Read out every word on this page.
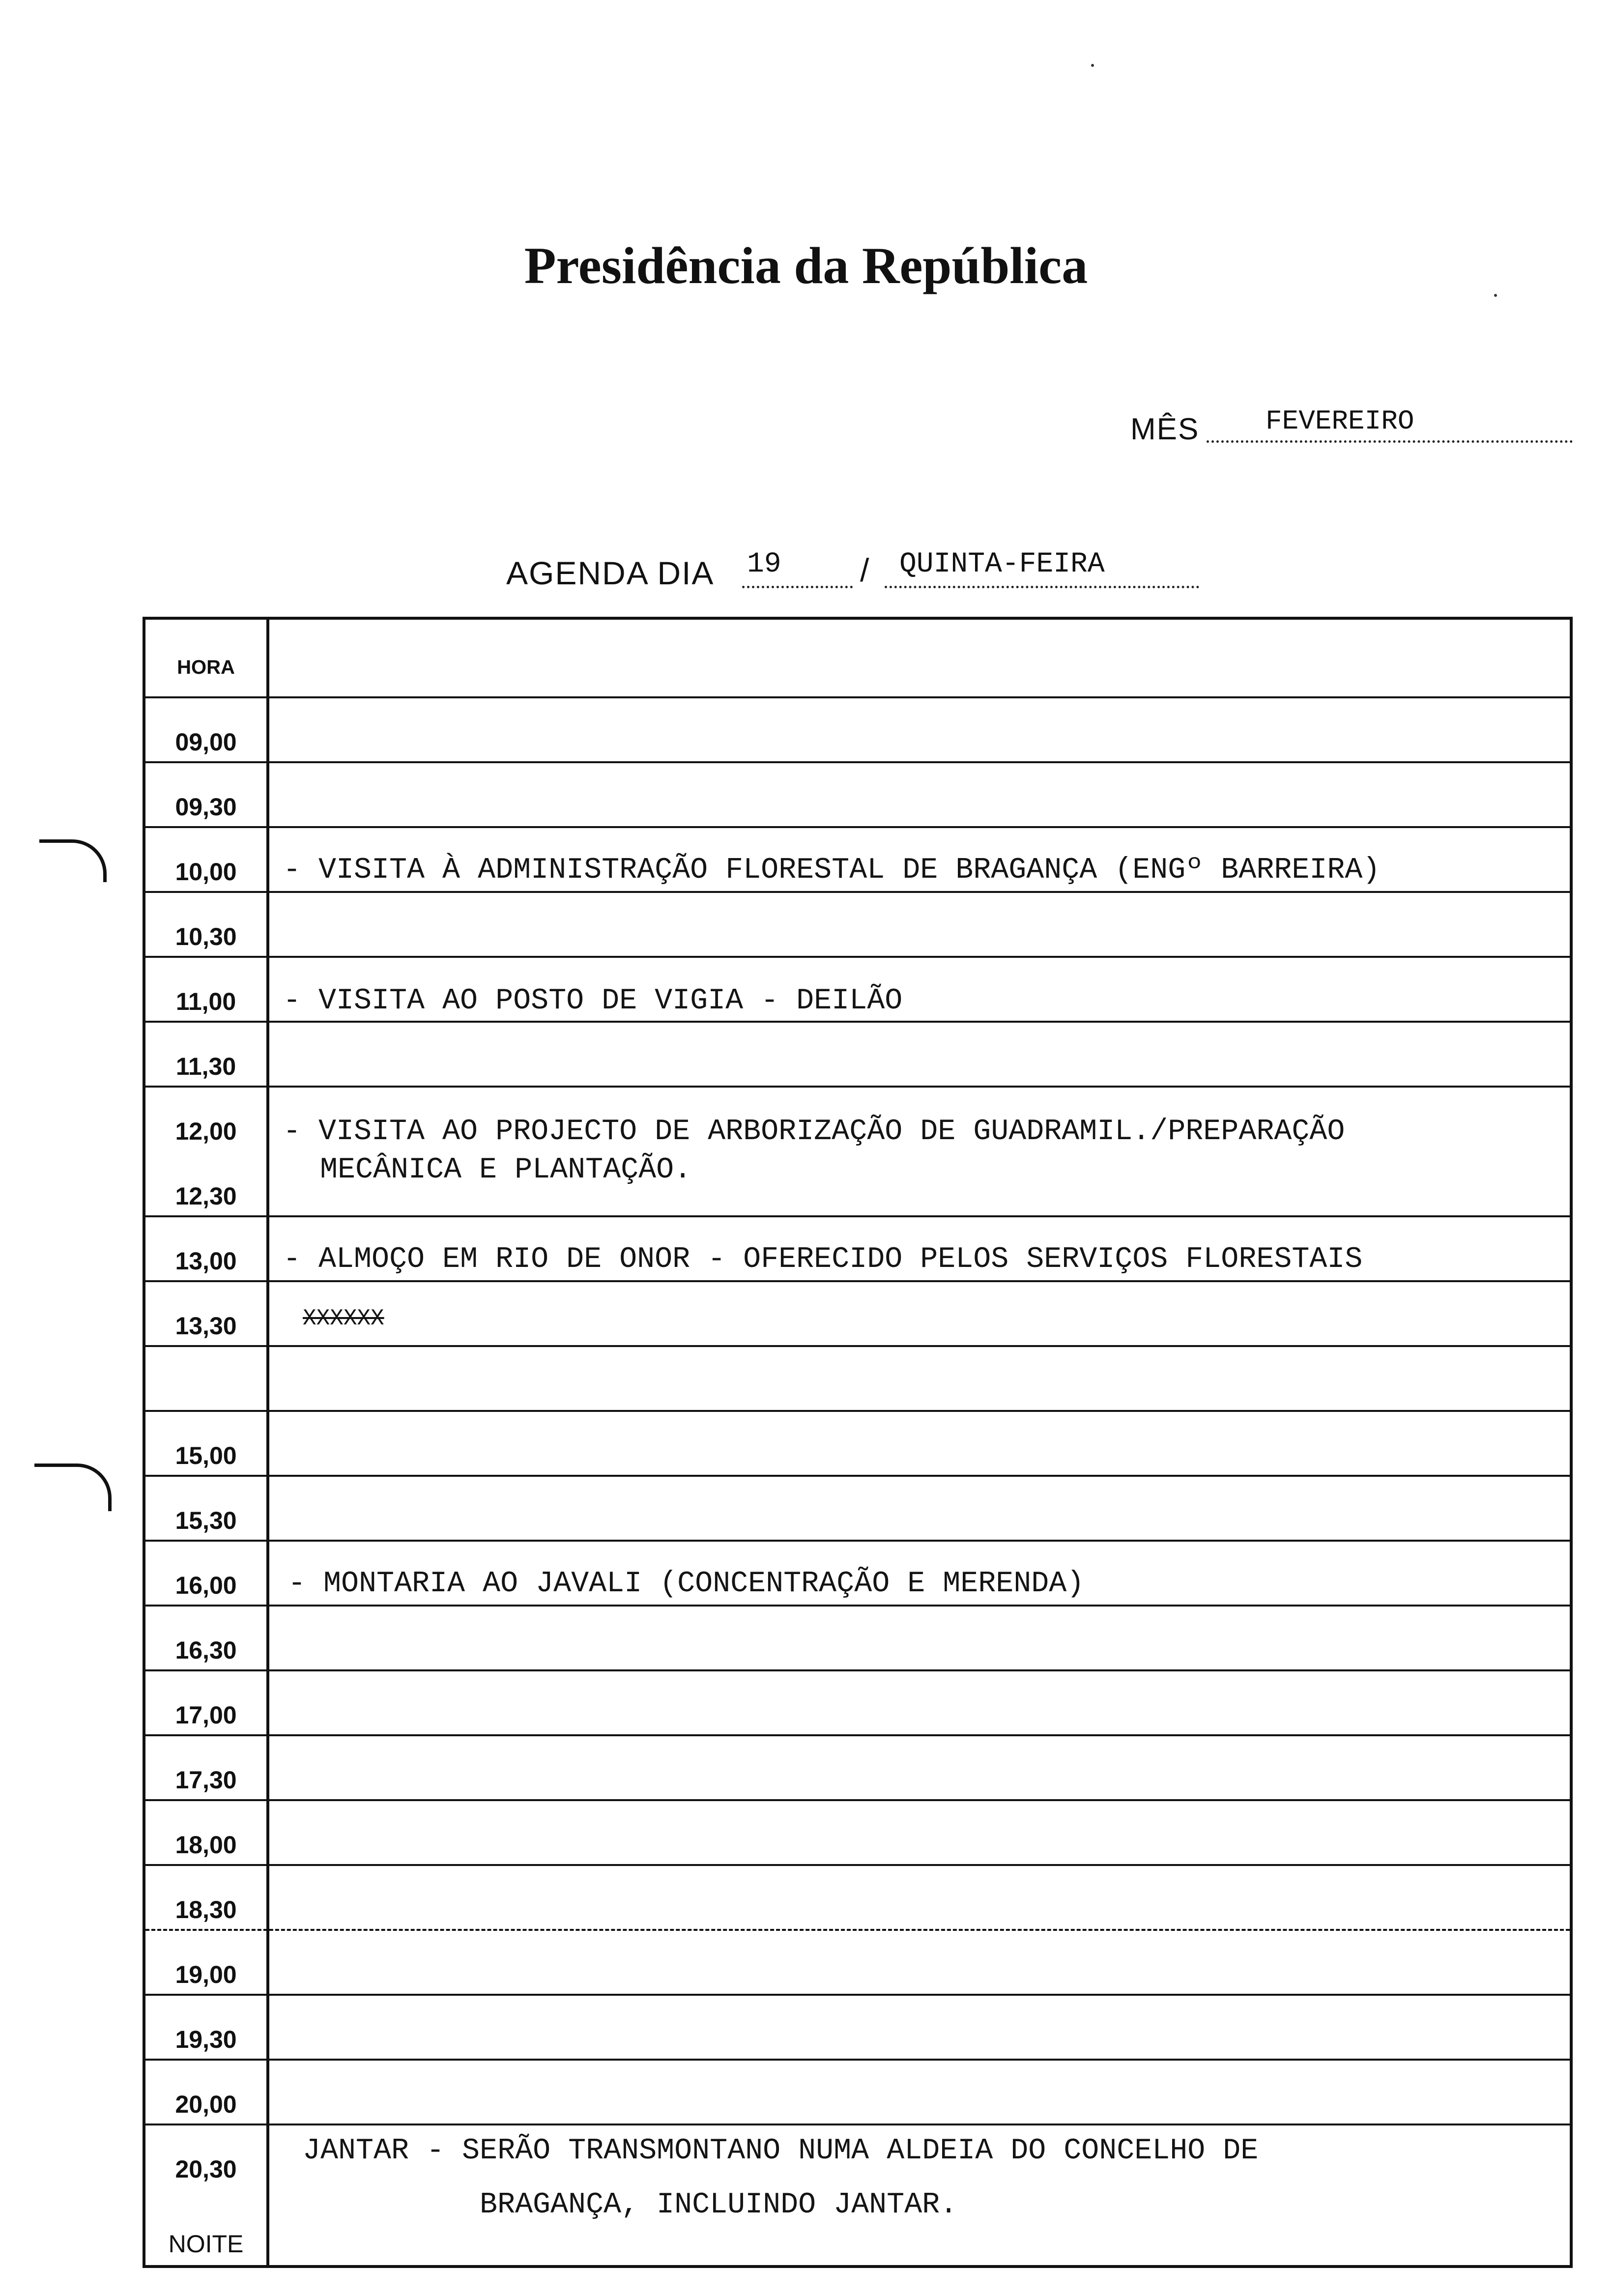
Presidência da República
MÊS FEVEREIRO
AGENDA DIA 19 / QUINTA-FEIRA
HORA
09,00
09,30
10,00
10,30
11,00
11,30
12,00
12,30
13,00
13,30
15,00
15,30
16,00
16,30
17,00
17,30
18,00
18,30
19,00
19,30
20,00
20,30
NOITE
- VISITA À ADMINISTRAÇÃO FLORESTAL DE BRAGANÇA (ENGº BARREIRA)
- VISITA AO POSTO DE VIGIA - DEILÃO
- VISITA AO PROJECTO DE ARBORIZAÇÃO DE GUADRAMIL./PREPARAÇÃO
MECÂNICA E PLANTAÇÃO.
- ALMOÇO EM RIO DE ONOR - OFERECIDO PELOS SERVIÇOS FLORESTAIS
XXXXXX
- MONTARIA AO JAVALI (CONCENTRAÇÃO E MERENDA)
JANTAR - SERÃO TRANSMONTANO NUMA ALDEIA DO CONCELHO DE
BRAGANÇA, INCLUINDO JANTAR.
